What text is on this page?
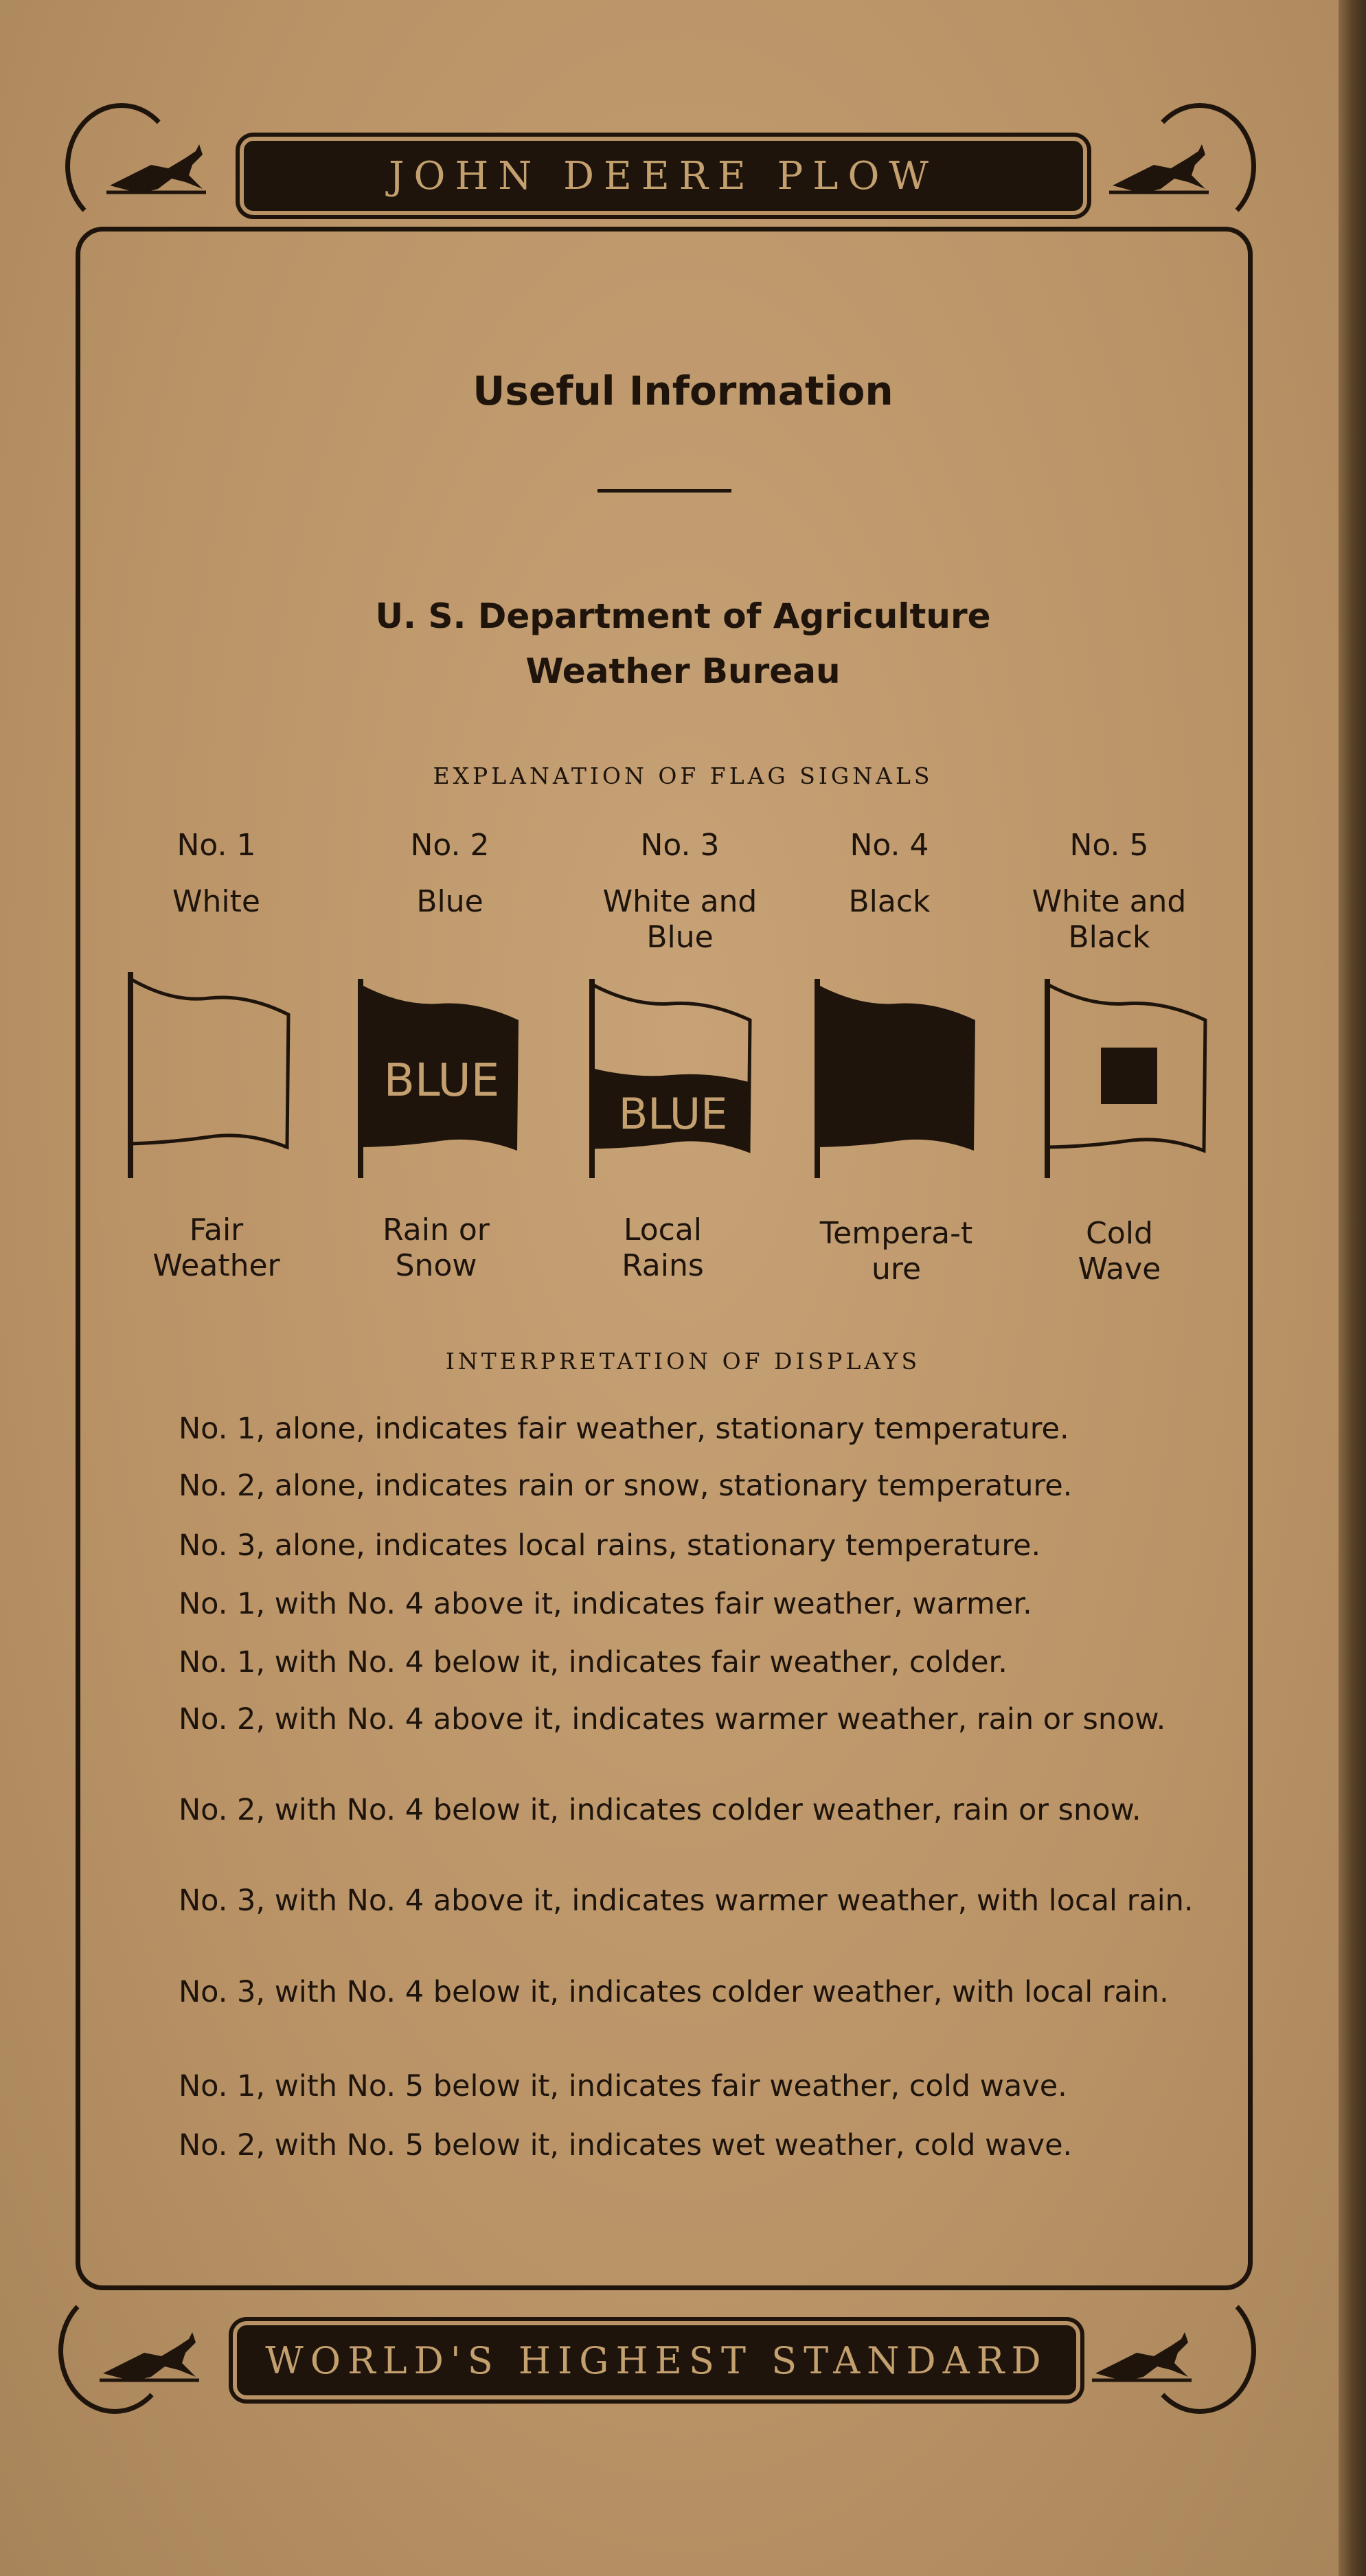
JOHN DEERE PLOW
Useful Information
U. S. Department of Agriculture
Weather Bureau
EXPLANATION OF FLAG SIGNALS
No. 1
White
No. 2
Blue
No. 3
White and Blue
No. 4
Black
No. 5
White and Black
BLUE
BLUE
Fair Weather
Rain or Snow
Local Rains
Tempera-ture
Cold Wave
INTERPRETATION OF DISPLAYS
No. 1, alone, indicates fair weather, stationary temperature.
No. 2, alone, indicates rain or snow, stationary temperature.
No. 3, alone, indicates local rains, stationary temperature.
No. 1, with No. 4 above it, indicates fair weather, warmer.
No. 1, with No. 4 below it, indicates fair weather, colder.
No. 2, with No. 4 above it, indicates warmer weather, rain or snow.
No. 2, with No. 4 below it, indicates colder weather, rain or snow.
No. 3, with No. 4 above it, indicates warmer weather, with local rain.
No. 3, with No. 4 below it, indicates colder weather, with local rain.
No. 1, with No. 5 below it, indicates fair weather, cold wave.
No. 2, with No. 5 below it, indicates wet weather, cold wave.
WORLD'S HIGHEST STANDARD
